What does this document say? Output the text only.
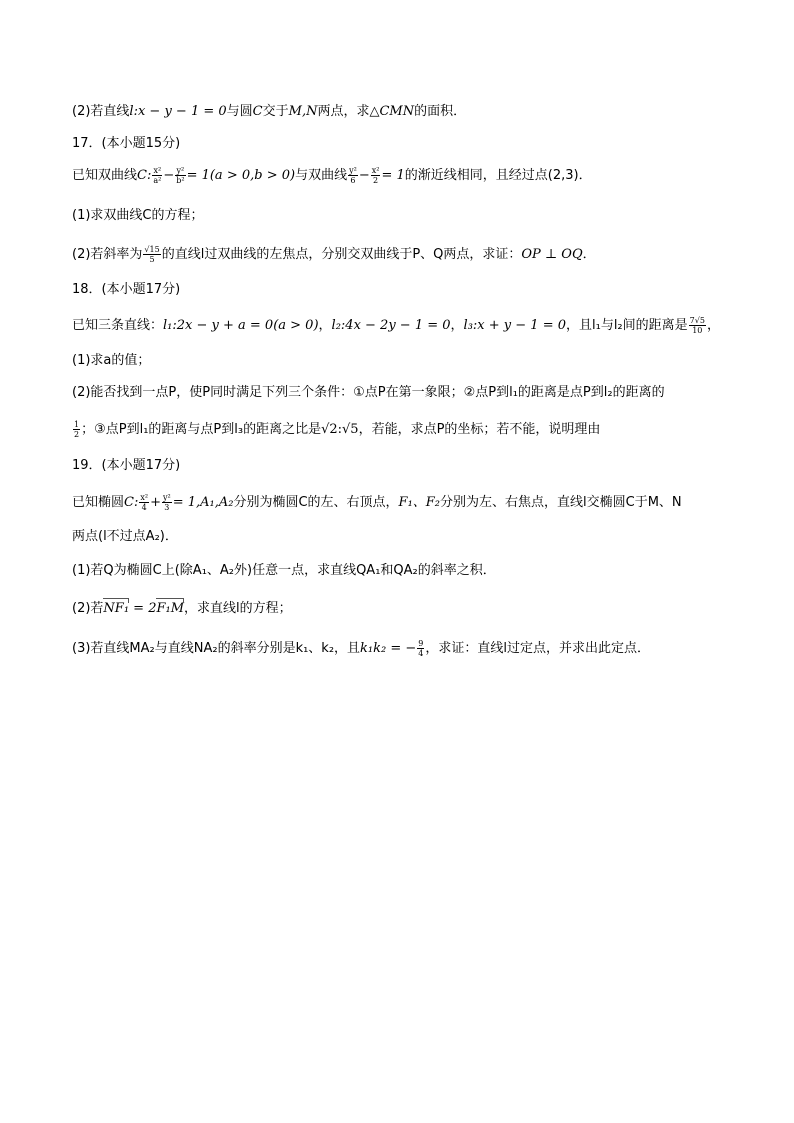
(2)若直线l:x − y − 1 = 0与圆C交于M,N两点，求△CMN的面积．
17．(本小题15分)
已知双曲线C: $\frac{\text{x²}}{\text{a²}} - \frac{\text{y²}}{\text{b²}} = 1(a > 0,b > 0)$与双曲线 $\frac{\text{y²}}{6} - \frac{\text{x²}}{2} = 1$的渐近线相同，且经过点(2,3)．
(1)求双曲线C的方程；
(2)若斜率为 $\frac{√15}{5}$ 的直线l过双曲线的左焦点，分别交双曲线于P、Q两点，求证：OP ⊥ OQ．
18．(本小题17分)
已知三条直线：l₁:2x − y + a = 0(a > 0)，l₂:4x − 2y − 1 = 0，l₃:x + y − 1 = 0，且l₁与l₂间的距离是 $\frac{7√5}{10}$ ，
(1)求a的值；
(2)能否找到一点P，使P同时满足下列三个条件：①点P在第一象限；②点P到l₁的距离是点P到l₂的距离的
$\frac{1}{2}$ ；③点P到l₁的距离与点P到l₃的距离之比是√2:√5，若能，求点P的坐标；若不能，说明理由
19．(本小题17分)
已知椭圆C: $\frac{\text{x²}}{4} + \frac{\text{y²}}{3} = 1,A_1,A_2$分别为椭圆C的左、右顶点，F₁、F₂分别为左、右焦点，直线l交椭圆C于M、N
两点(l不过点A₂)．
(1)若Q为椭圆C上(除A₁、A₂外)任意一点，求直线QA₁和QA₂的斜率之积．
(2)若NF₁ = 2F₁M，求直线l的方程；
(3)若直线MA₂与直线NA₂的斜率分别是k₁、k₂，且k₁k₂ = − $\frac{9}{4}$ ，求证：直线l过定点，并求出此定点．
